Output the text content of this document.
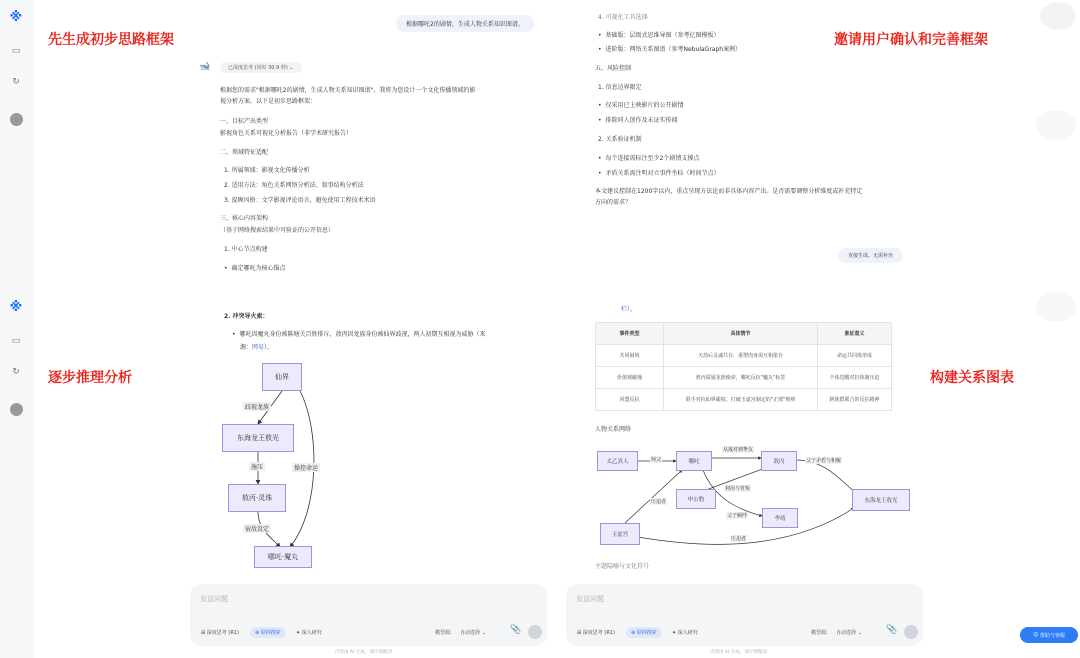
※
▭
↻
※
▭
↻
先生成初步思路框架	邀请用户确认和完善框架
逐步推理分析	构建关系图表
根据哪吒2的剧情，生成人物关系知识图谱。
🐋	已深度思考 (用时 30.9 秒) ⌄
根据您的需求"根据哪吒2的剧情，生成人物关系知识图谱"，我将为您设计一个文化传播领域的影
视分析方案。以下是初步思路框架：
一、目标产出类型
影视角色关系可视化分析报告（非学术研究报告）
二、领域特征适配
1. 所属领域：影视文化传播分析
2. 适用方法：角色关系网络分析法、叙事结构分析法
3. 提顾风格：文学影视评论语言，避免使用工程技术术语
三、核心内容架构
（基于网络搜索结果中可验证的公开信息）
1. 中心节点构建
• 确定哪吒为核心锚点
4. 可视化工具选择
• 基础版：层级式思维导图（参考亿图模板）
• 进阶版：网络关系图谱（参考NebulaGraph案例）
五、风险控制
1. 信息边界限定
• 仅采用已上映影片的公开剧情
• 排除同人创作及未证实传闻
2. 关系验证机制
• 每个连接需标注至少2个剧情支撑点
• 矛盾关系需注明对立事件坐标（时间节点）
本文建议控制在1200字以内，重点呈现方法论而非具体内容产出。是否需要调整分析维度或补充特定
方向的需求？
直接生成、无需补充
2. 冲突导火索：
• 哪吒因魔丸身份被陈塘关百姓排斥，敖丙因龙族身份被仙界歧视，两人初期互相视为威胁（来
源：网易）。
仙界
东海龙王敖光
敖丙·灵珠
哪吒·魔丸
歧视龙族
操控命运
施压
宿敌设定
栏）。
事件类型	具体情节	象征意义
共同困境	天劫后灵魂共存，重塑肉身需互相依存	命运共同体形成
价值观碰撞	敖丙质疑龙族使命，哪吒反抗"魔丸"标签	个体觉醒对抗体制压迫
同盟反抗	联手对抗仙界霸权，打破玉虚宫制定的"正邪"规则	跨族群联合的反抗精神
人物关系网络
太乙真人	哪吒	敖丙
东海龙王敖光
申公豹
李靖
玉虚宫
师父
从敌对到挚友
父子矛盾与和解
利用与背叛
压迫者
父子羁绊
压迫者
主题隐喻与文化符号
发送问题
⊞ 深度思考 (R1)	⊕ 联网搜索	✦ 深入研究	模型源:	自动选择 ⌄	📎
内容由 AI 生成，请仔细甄别
发送问题
⊞ 深度思考 (R1)	⊕ 联网搜索	✦ 深入研究	模型源:	自动选择 ⌄	📎
内容由 AI 生成，请仔细甄别
☺ 帮助与客服
